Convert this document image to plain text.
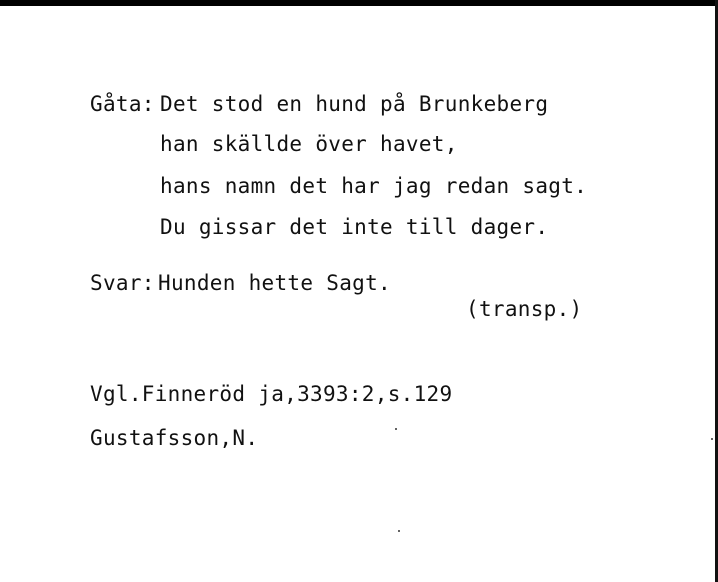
Gåta: Det stod en hund på Brunkeberg
han skällde över havet,
hans namn det har jag redan sagt.
Du gissar det inte till dager.
Svar: Hunden hette Sagt.
(transp.)
Vgl.Finneröd ja,3393:2,s.129
Gustafsson,N.
